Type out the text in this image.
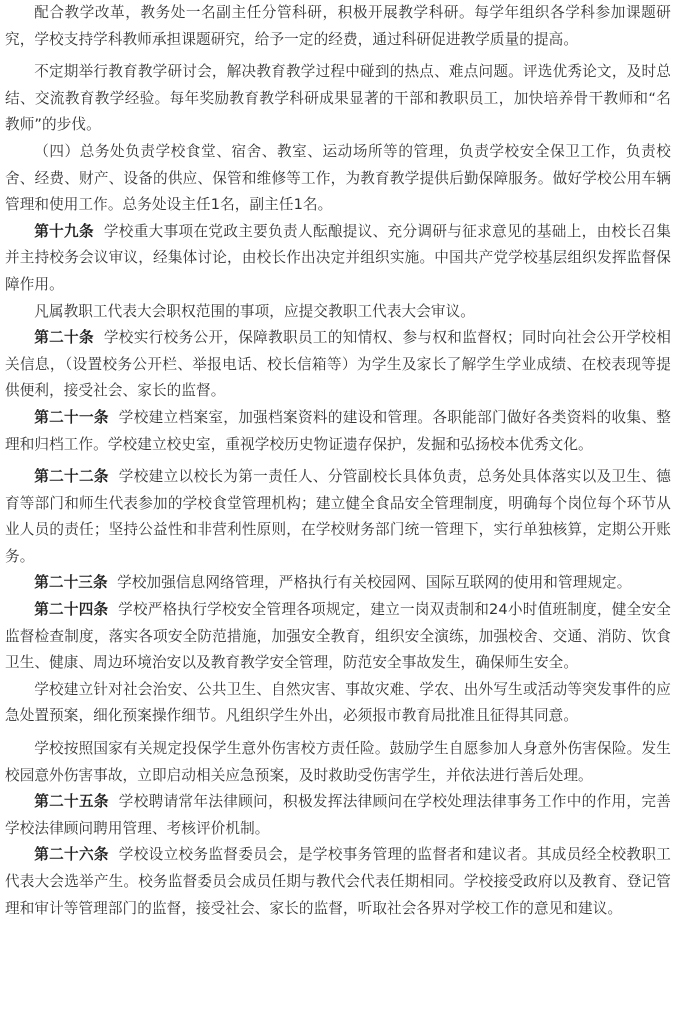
配合教学改革，教务处一名副主任分管科研，积极开展教学科研。每学年组织各学科参加课题研究，学校支持学科教师承担课题研究，给予一定的经费，通过科研促进教学质量的提高。

不定期举行教育教学研讨会，解决教育教学过程中碰到的热点、难点问题。评选优秀论文，及时总结、交流教育教学经验。每年奖励教育教学科研成果显著的干部和教职员工，加快培养骨干教师和“名教师”的步伐。

（四）总务处负责学校食堂、宿舍、教室、运动场所等的管理，负责学校安全保卫工作，负责校舍、经费、财产、设备的供应、保管和维修等工作，为教育教学提供后勤保障服务。做好学校公用车辆管理和使用工作。总务处设主任1名，副主任1名。

第十九条 学校重大事项在党政主要负责人酝酿提议、充分调研与征求意见的基础上，由校长召集并主持校务会议审议，经集体讨论，由校长作出决定并组织实施。中国共产党学校基层组织发挥监督保障作用。

凡属教职工代表大会职权范围的事项，应提交教职工代表大会审议。

第二十条 学校实行校务公开，保障教职员工的知情权、参与权和监督权；同时向社会公开学校相关信息，（设置校务公开栏、举报电话、校长信箱等）为学生及家长了解学生学业成绩、在校表现等提供便利，接受社会、家长的监督。

第二十一条 学校建立档案室，加强档案资料的建设和管理。各职能部门做好各类资料的收集、整理和归档工作。学校建立校史室，重视学校历史物证遗存保护，发掘和弘扬校本优秀文化。

第二十二条 学校建立以校长为第一责任人、分管副校长具体负责，总务处具体落实以及卫生、德育等部门和师生代表参加的学校食堂管理机构；建立健全食品安全管理制度，明确每个岗位每个环节从业人员的责任；坚持公益性和非营利性原则，在学校财务部门统一管理下，实行单独核算，定期公开账务。

第二十三条 学校加强信息网络管理，严格执行有关校园网、国际互联网的使用和管理规定。

第二十四条 学校严格执行学校安全管理各项规定，建立一岗双责制和24小时值班制度，健全安全监督检查制度，落实各项安全防范措施，加强安全教育，组织安全演练，加强校舍、交通、消防、饮食卫生、健康、周边环境治安以及教育教学安全管理，防范安全事故发生，确保师生安全。

学校建立针对社会治安、公共卫生、自然灾害、事故灾难、学农、出外写生或活动等突发事件的应急处置预案，细化预案操作细节。凡组织学生外出，必须报市教育局批准且征得其同意。

学校按照国家有关规定投保学生意外伤害校方责任险。鼓励学生自愿参加人身意外伤害保险。发生校园意外伤害事故，立即启动相关应急预案，及时救助受伤害学生，并依法进行善后处理。

第二十五条 学校聘请常年法律顾问，积极发挥法律顾问在学校处理法律事务工作中的作用，完善学校法律顾问聘用管理、考核评价机制。

第二十六条 学校设立校务监督委员会，是学校事务管理的监督者和建议者。其成员经全校教职工代表大会选举产生。校务监督委员会成员任期与教代会代表任期相同。学校接受政府以及教育、登记管理和审计等管理部门的监督，接受社会、家长的监督，听取社会各界对学校工作的意见和建议。
